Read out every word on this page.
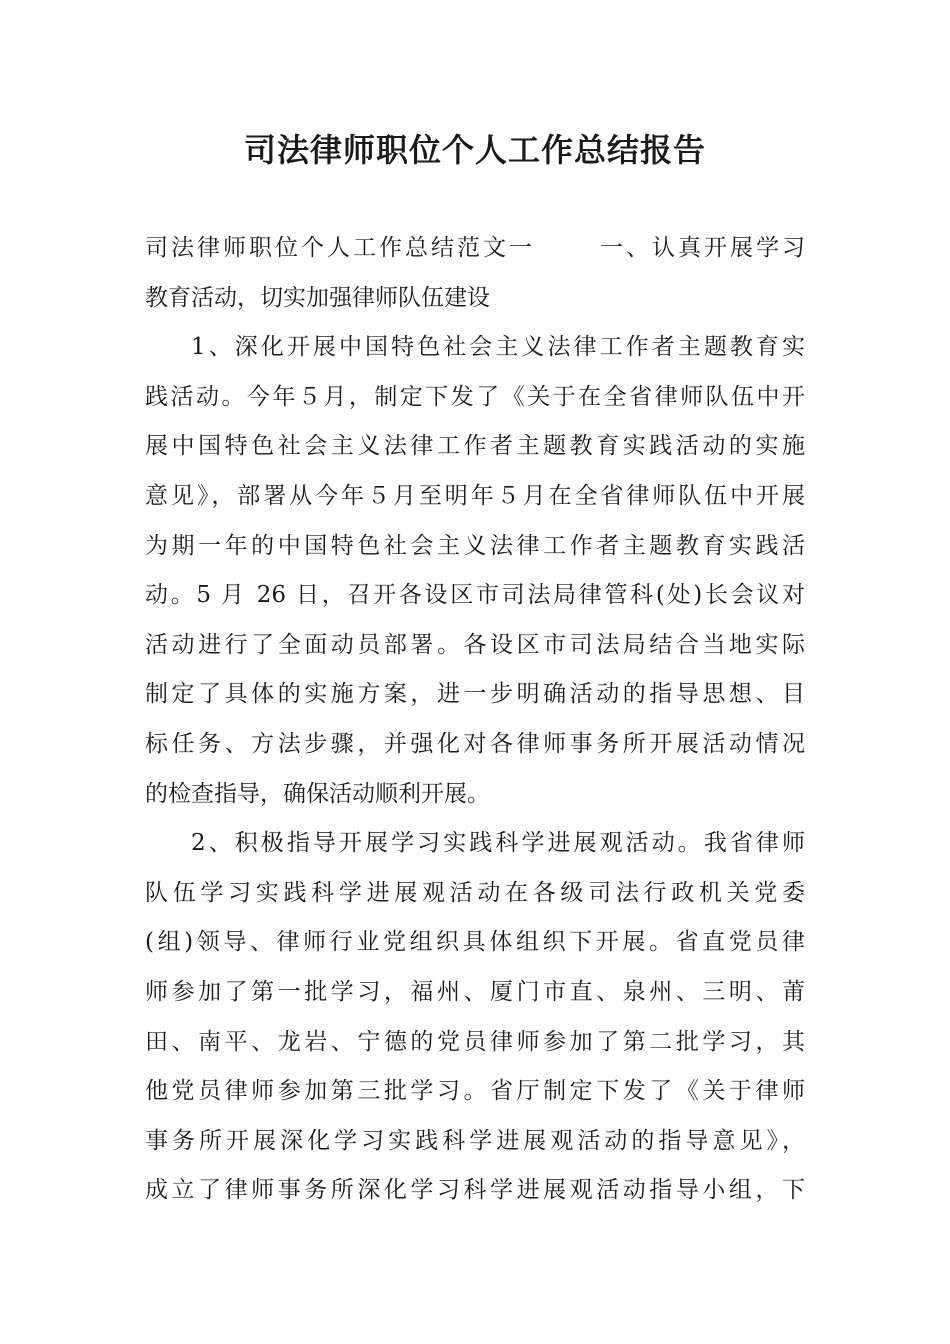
司法律师职位个人工作总结报告
司法律师职位个人工作总结范文一	一、认真开展学习
教育活动，切实加强律师队伍建设
1、深化开展中国特色社会主义法律工作者主题教育实
践活动。今年５月，制定下发了《关于在全省律师队伍中开
展中国特色社会主义法律工作者主题教育实践活动的实施
意见》，部署从今年５月至明年５月在全省律师队伍中开展
为期一年的中国特色社会主义法律工作者主题教育实践活
动。5 月 26 日，召开各设区市司法局律管科(处)长会议对
活动进行了全面动员部署。各设区市司法局结合当地实际
制定了具体的实施方案，进一步明确活动的指导思想、目
标任务、方法步骤，并强化对各律师事务所开展活动情况
的检查指导，确保活动顺利开展。
2、积极指导开展学习实践科学进展观活动。我省律师
队伍学习实践科学进展观活动在各级司法行政机关党委
(组)领导、律师行业党组织具体组织下开展。省直党员律
师参加了第一批学习，福州、厦门市直、泉州、三明、莆
田、南平、龙岩、宁德的党员律师参加了第二批学习，其
他党员律师参加第三批学习。省厅制定下发了《关于律师
事务所开展深化学习实践科学进展观活动的指导意见》，
成立了律师事务所深化学习科学进展观活动指导小组，下
